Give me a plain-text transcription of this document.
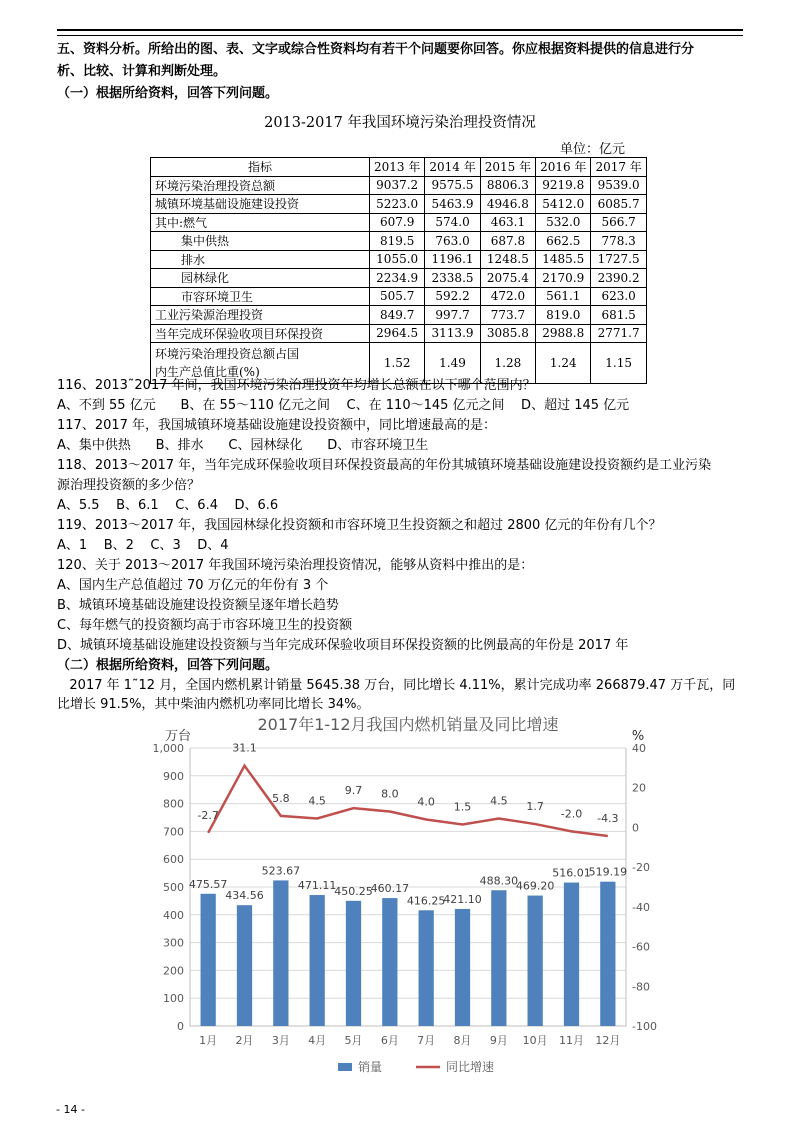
五、资料分析。所给出的图、表、文字或综合性资料均有若干个问题要你回答。你应根据资料提供的信息进行分
析、比较、计算和判断处理。
（一）根据所给资料，回答下列问题。
2013-2017 年我国环境污染治理投资情况
单位：亿元
指标	2013 年	2014 年	2015 年	2016 年	2017 年
环境污染治理投资总额	9037.2	9575.5	8806.3	9219.8	9539.0
城镇环境基础设施建设投资	5223.0	5463.9	4946.8	5412.0	6085.7
其中:燃气	607.9	574.0	463.1	532.0	566.7
集中供热	819.5	763.0	687.8	662.5	778.3
排水	1055.0	1196.1	1248.5	1485.5	1727.5
园林绿化	2234.9	2338.5	2075.4	2170.9	2390.2
市容环境卫生	505.7	592.2	472.0	561.1	623.0
工业污染源治理投资	849.7	997.7	773.7	819.0	681.5
当年完成环保验收项目环保投资	2964.5	3113.9	3085.8	2988.8	2771.7

环境污染治理投资总额占国
内生产总值比重(%)	1.52	1.49	1.28	1.24	1.15
116、2013˜2017 年间，我国环境污染治理投资年均增长总额在以下哪个范围内？
A、不到 55 亿元      B、在 55～110 亿元之间    C、在 110～145 亿元之间    D、超过 145 亿元
117、2017 年，我国城镇环境基础设施建设投资额中，同比增速最高的是：
A、集中供热      B、排水      C、园林绿化      D、市容环境卫生
118、2013～2017 年，当年完成环保验收项目环保投资最高的年份其城镇环境基础设施建设投资额约是工业污染
源治理投资额的多少倍？
A、5.5    B、6.1    C、6.4    D、6.6
119、2013～2017 年，我国园林绿化投资额和市容环境卫生投资额之和超过 2800 亿元的年份有几个？
A、1    B、2    C、3    D、4
120、关于 2013～2017 年我国环境污染治理投资情况，能够从资料中推出的是：
A、国内生产总值超过 70 万亿元的年份有 3 个
B、城镇环境基础设施建设投资额呈逐年增长趋势
C、每年燃气的投资额均高于市容环境卫生的投资额
D、城镇环境基础设施建设投资额与当年完成环保验收项目环保投资额的比例最高的年份是 2017 年
2017年1-12月我国内燃机销量及同比增速
万台	%
0
100
200
300
400
500
600
700
800
900
1,000
-100
-80
-60
-40
-20
0
20
40
475.57
434.56
523.67
471.11
450.25
460.17
416.25
421.10
488.30
469.20
516.01
519.19
-2.7
31.1
5.8 4.5
9.7 8.0
4.0 1.5 4.5 1.7
-2.0 -4.3
1月 2月 3月 4月 5月 6月 7月 8月 9月 10月 11月 12月
销量	同比增速
- 14 -
（二）根据所给资料，回答下列问题。
2017 年 1˜12 月，全国内燃机累计销量 5645.38 万台，同比增长 4.11%，累计完成功率 266879.47 万千瓦，同
比增长 91.5%，其中柴油内燃机功率同比增长 34%。
